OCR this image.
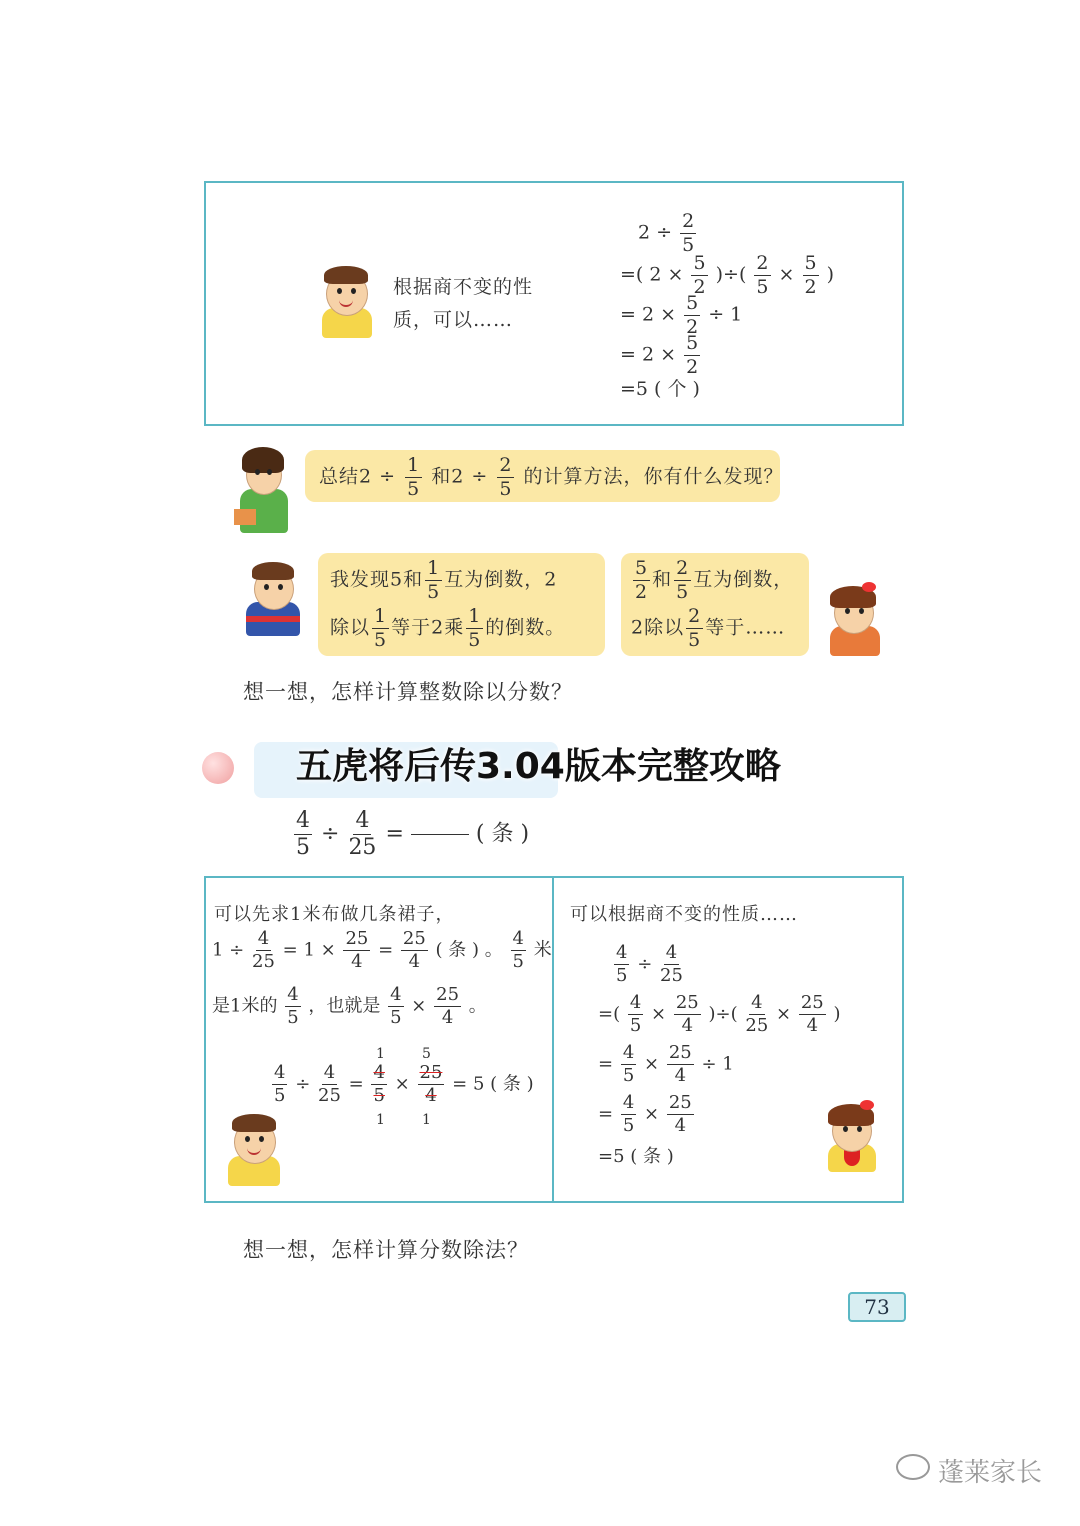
根据商不变的性
质，可以……
$2 \div \frac{2}{5}$
=( $2 \times \frac{5}{2}$ )÷( $\frac{2}{5} \times \frac{5}{2}$ )
= $2 \times \frac{5}{2} \div 1$
= $2 \times \frac{5}{2}$
=5 ( 个 )
总结$2 \div \frac{1}{5}$ 和$2 \div \frac{2}{5}$ 的计算方法，你有什么发现？
我发现5和 $\frac{1}{5}$ 互为倒数，2
除以 $\frac{1}{5}$ 等于2乘 $\frac{1}{5}$ 的倒数。
$\frac{5}{2}$ 和 $\frac{2}{5}$ 互为倒数，
2除以 $\frac{2}{5}$ 等于……
想一想，怎样计算整数除以分数？
五虎将后传3.04版本完整攻略
$\frac{4}{5} \div \frac{4}{25}$ =	( 条 )
可以先求1米布做几条裙子，
$1 \div \frac{4}{25} = 1 \times \frac{25}{4} = \frac{25}{4}$ ( 条 ) 。 $\frac{4}{5}$ 米
是1米的 $\frac{4}{5}$ ，也就是 $\frac{4}{5} \times \frac{25}{4}$ 。
$\frac{4}{5} \div \frac{4}{25} = \frac{4}{5} \times \frac{25}{4} = 5$ ( 条 )
1
1
5
1
可以根据商不变的性质……
$\frac{4}{5} \div \frac{4}{25}$
=( $\frac{4}{5} \times \frac{25}{4}$ )÷( $\frac{4}{25} \times \frac{25}{4}$ )
= $\frac{4}{5} \times \frac{25}{4} \div 1$
= $\frac{4}{5} \times \frac{25}{4}$
=5 ( 条 )
想一想，怎样计算分数除法？
73
蓬莱家长
